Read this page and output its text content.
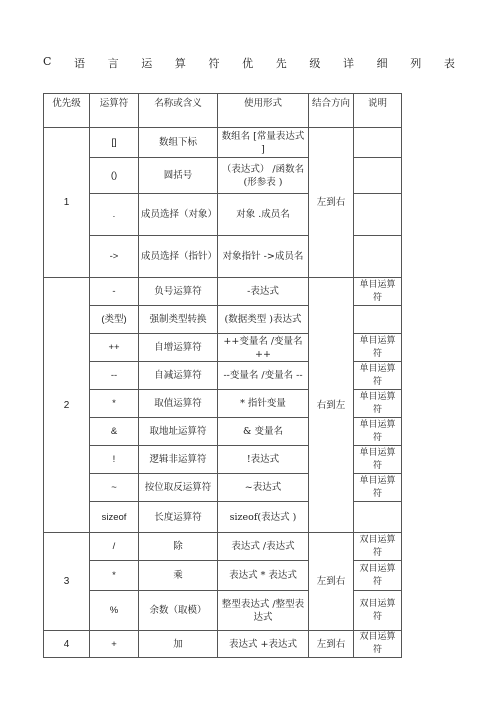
C 语 言 运 算 符 优 先 级 详 细 列 表
优先级	运算符	名称或含义	使用形式	结合方向	说明
1	[]	数组下标	数组名 [常量表达式 ]	左到右	
	()	圆括号	（表达式） /函数名 (形参表 )		
	.	成员选择（对象）	对象 .成员名		
	->	成员选择（指针）	对象指针 ->成员名		
2	-	负号运算符	-表达式	右到左	单目运算符
	(类型)	强制类型转换	(数据类型 )表达式		
	++	自增运算符	++变量名 /变量名 ++		单目运算符
	--	自减运算符	--变量名 /变量名 --		单目运算符
	*	取值运算符	* 指针变量		单目运算符
	&	取地址运算符	& 变量名		单目运算符
	!	逻辑非运算符	!表达式		单目运算符
	~	按位取反运算符	~表达式		单目运算符
	sizeof	长度运算符	sizeof(表达式 )		
3	/	除	表达式 /表达式	左到右	双目运算符
	*	乘	表达式 * 表达式		双目运算符
	%	余数（取模）	整型表达式 /整型表达式		双目运算符
4	+	加	表达式 +表达式	左到右	双目运算符
